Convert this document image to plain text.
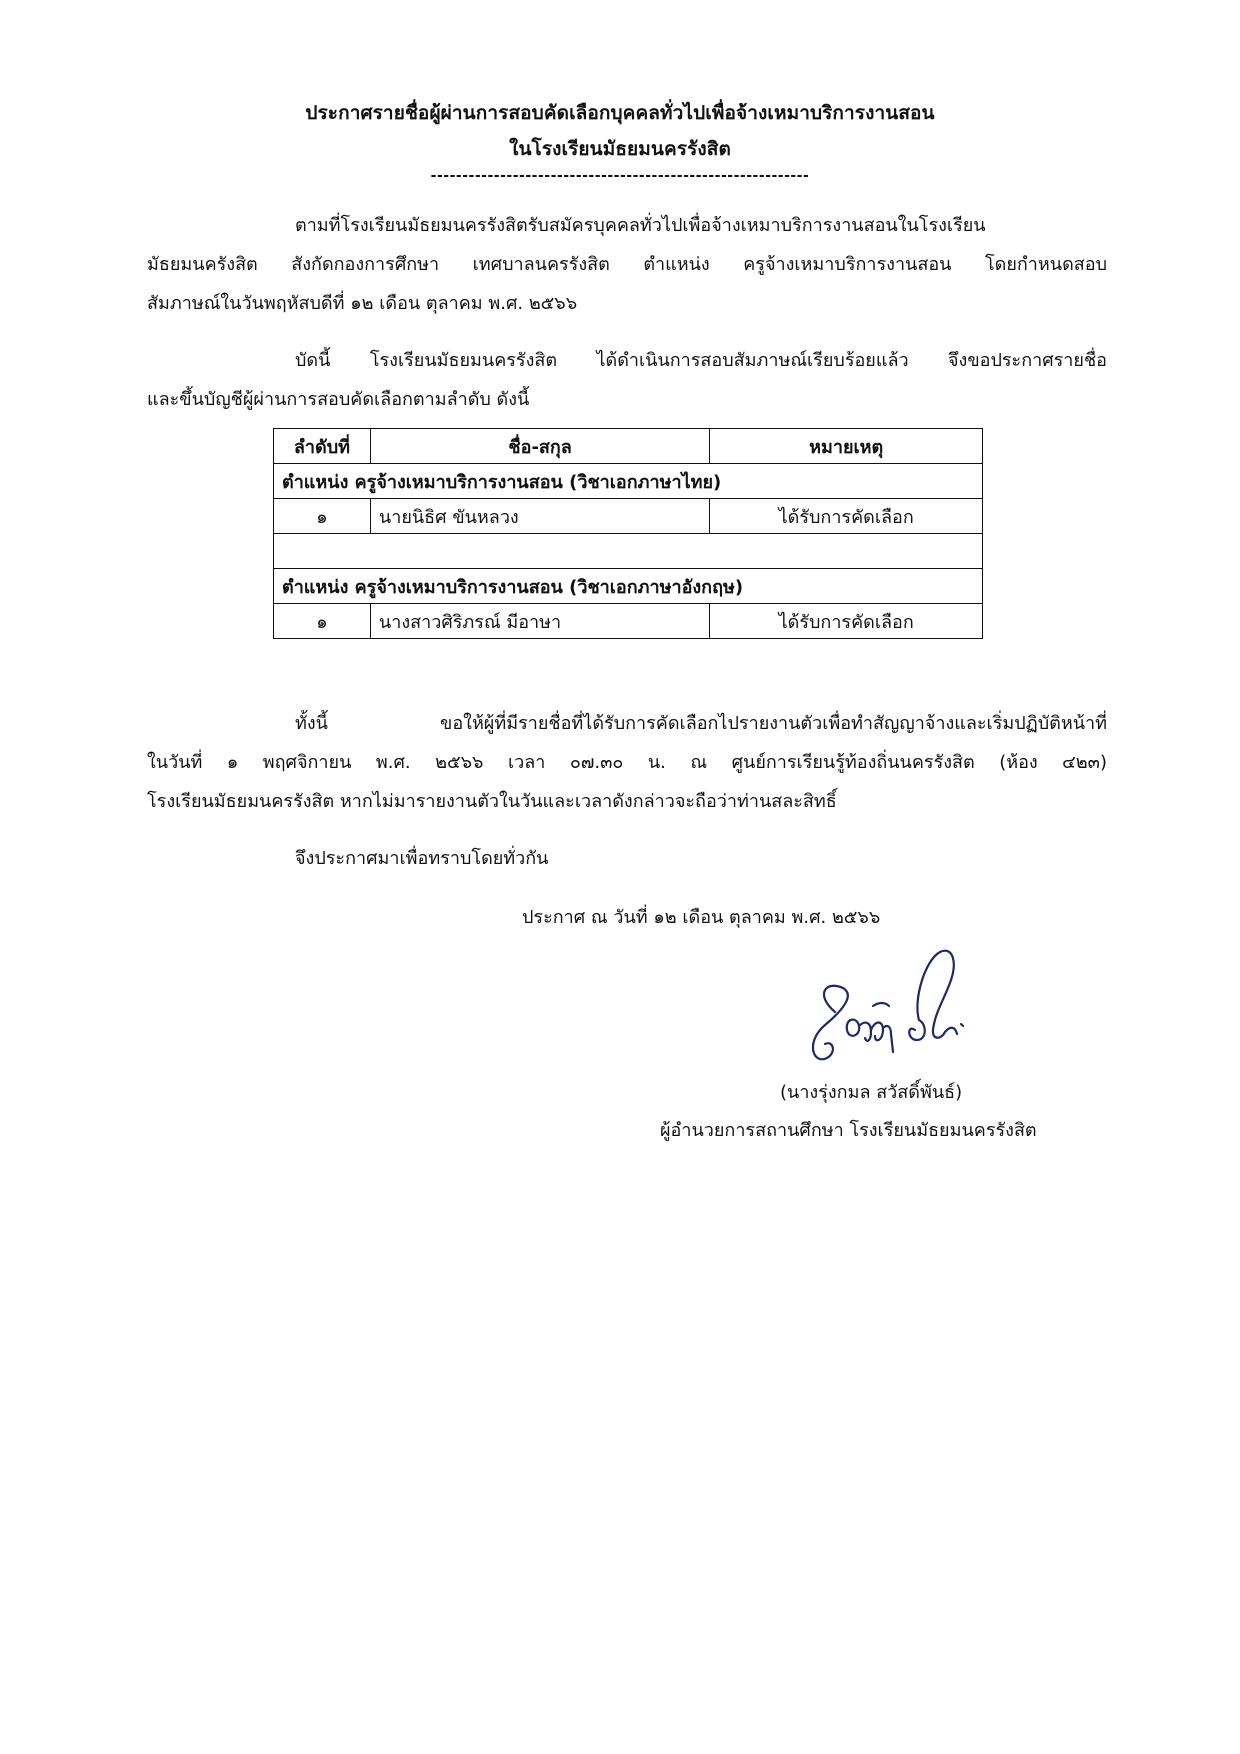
ประกาศรายชื่อผู้ผ่านการสอบคัดเลือกบุคคลทั่วไปเพื่อจ้างเหมาบริการงานสอน
ในโรงเรียนมัธยมนครรังสิต
------------------------------------------------------------
ตามที่โรงเรียนมัธยมนครรังสิตรับสมัครบุคคลทั่วไปเพื่อจ้างเหมาบริการงานสอนในโรงเรียน
มัธยมนครังสิต สังกัดกองการศึกษา เทศบาลนครรังสิต ตำแหน่ง ครูจ้างเหมาบริการงานสอน โดยกำหนดสอบ
สัมภาษณ์ในวันพฤหัสบดีที่ ๑๒ เดือน ตุลาคม พ.ศ. ๒๕๖๖
บัดนี้ โรงเรียนมัธยมนครรังสิต ได้ดำเนินการสอบสัมภาษณ์เรียบร้อยแล้ว จึงขอประกาศรายชื่อ
และขึ้นบัญชีผู้ผ่านการสอบคัดเลือกตามลำดับ ดังนี้
ลำดับที่	ชื่อ-สกุล	หมายเหตุ
ตำแหน่ง ครูจ้างเหมาบริการงานสอน (วิชาเอกภาษาไทย)		
๑	นายนิธิศ ขันหลวง	ได้รับการคัดเลือก

ตำแหน่ง ครูจ้างเหมาบริการงานสอน (วิชาเอกภาษาอังกฤษ)		
๑	นางสาวศิริภรณ์ มีอาษา	ได้รับการคัดเลือก
ทั้งนี้ ขอให้ผู้ที่มีรายชื่อที่ได้รับการคัดเลือกไปรายงานตัวเพื่อทำสัญญาจ้างและเริ่มปฏิบัติหน้าที่
ในวันที่ ๑ พฤศจิกายน พ.ศ. ๒๕๖๖ เวลา ๐๗.๓๐ น. ณ ศูนย์การเรียนรู้ท้องถิ่นนครรังสิต (ห้อง ๔๒๓)
โรงเรียนมัธยมนครรังสิต หากไม่มารายงานตัวในวันและเวลาดังกล่าวจะถือว่าท่านสละสิทธิ์
จึงประกาศมาเพื่อทราบโดยทั่วกัน
ประกาศ ณ วันที่ ๑๒ เดือน ตุลาคม พ.ศ. ๒๕๖๖
(นางรุ่งกมล สวัสดิ์พันธ์)
ผู้อำนวยการสถานศึกษา โรงเรียนมัธยมนครรังสิต
